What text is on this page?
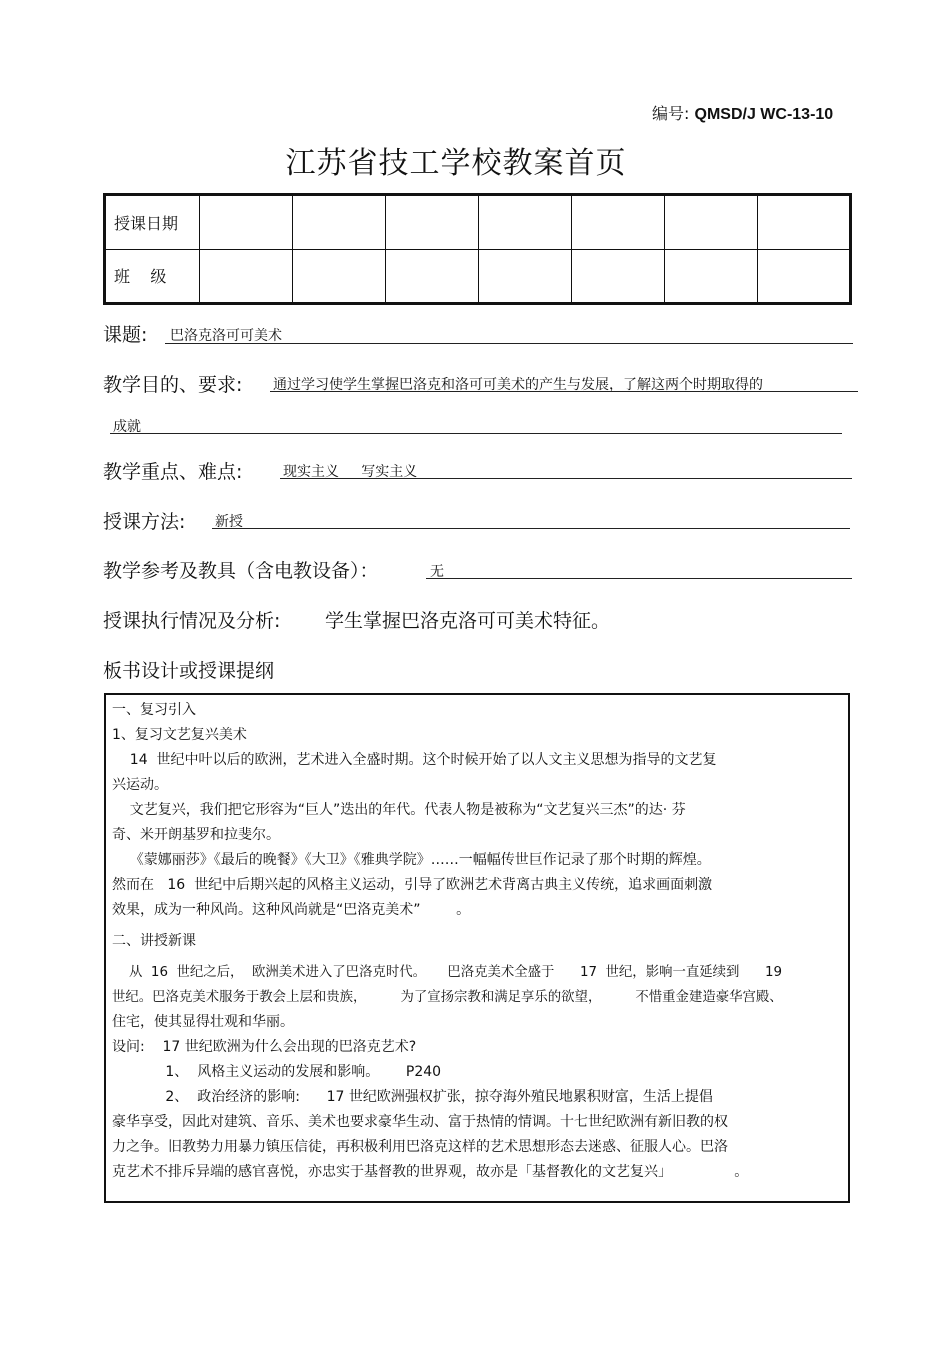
编号: QMSD/J WC-13-10
江苏省技工学校教案首页
授课日期							
班    级							
课题: 巴洛克洛可可美术
教学目的、要求: 通过学习使学生掌握巴洛克和洛可可美术的产生与发展，了解这两个时期取得的
成就
教学重点、难点:	现实主义     写实主义
授课方法: 新授
教学参考及教具（含电教设备）：	无
授课执行情况及分析: 学生掌握巴洛克洛可可美术特征。
板书设计或授课提纲
一、复习引入
1、复习文艺复兴美术
14  世纪中叶以后的欧洲，艺术进入全盛时期。这个时候开始了以人文主义思想为指导的文艺复
兴运动。
文艺复兴，我们把它形容为“巨人”迭出的年代。代表人物是被称为“文艺复兴三杰”的达· 芬
奇、米开朗基罗和拉斐尔。
《蒙娜丽莎》《最后的晚餐》《大卫》《雅典学院》……一幅幅传世巨作记录了那个时期的辉煌。
然而在   16  世纪中后期兴起的风格主义运动，引导了欧洲艺术背离古典主义传统，追求画面刺激
效果，成为一种风尚。这种风尚就是“巴洛克美术”        。
二、讲授新课
从  16  世纪之后，  欧洲美术进入了巴洛克时代。     巴洛克美术全盛于      17  世纪，影响一直延续到      19
世纪。巴洛克美术服务于教会上层和贵族，        为了宣扬宗教和满足享乐的欲望，        不惜重金建造豪华宫殿、
住宅，使其显得壮观和华丽。
设问:    17 世纪欧洲为什么会出现的巴洛克艺术?
1、  风格主义运动的发展和影响。      P240
2、  政治经济的影响:      17 世纪欧洲强权扩张，掠夺海外殖民地累积财富，生活上提倡
豪华享受，因此对建筑、音乐、美术也要求豪华生动、富于热情的情调。十七世纪欧洲有新旧教的权
力之争。旧教势力用暴力镇压信徒，再积极利用巴洛克这样的艺术思想形态去迷惑、征服人心。巴洛
克艺术不排斥异端的感官喜悦，亦忠实于基督教的世界观，故亦是「基督教化的文艺复兴」              。
